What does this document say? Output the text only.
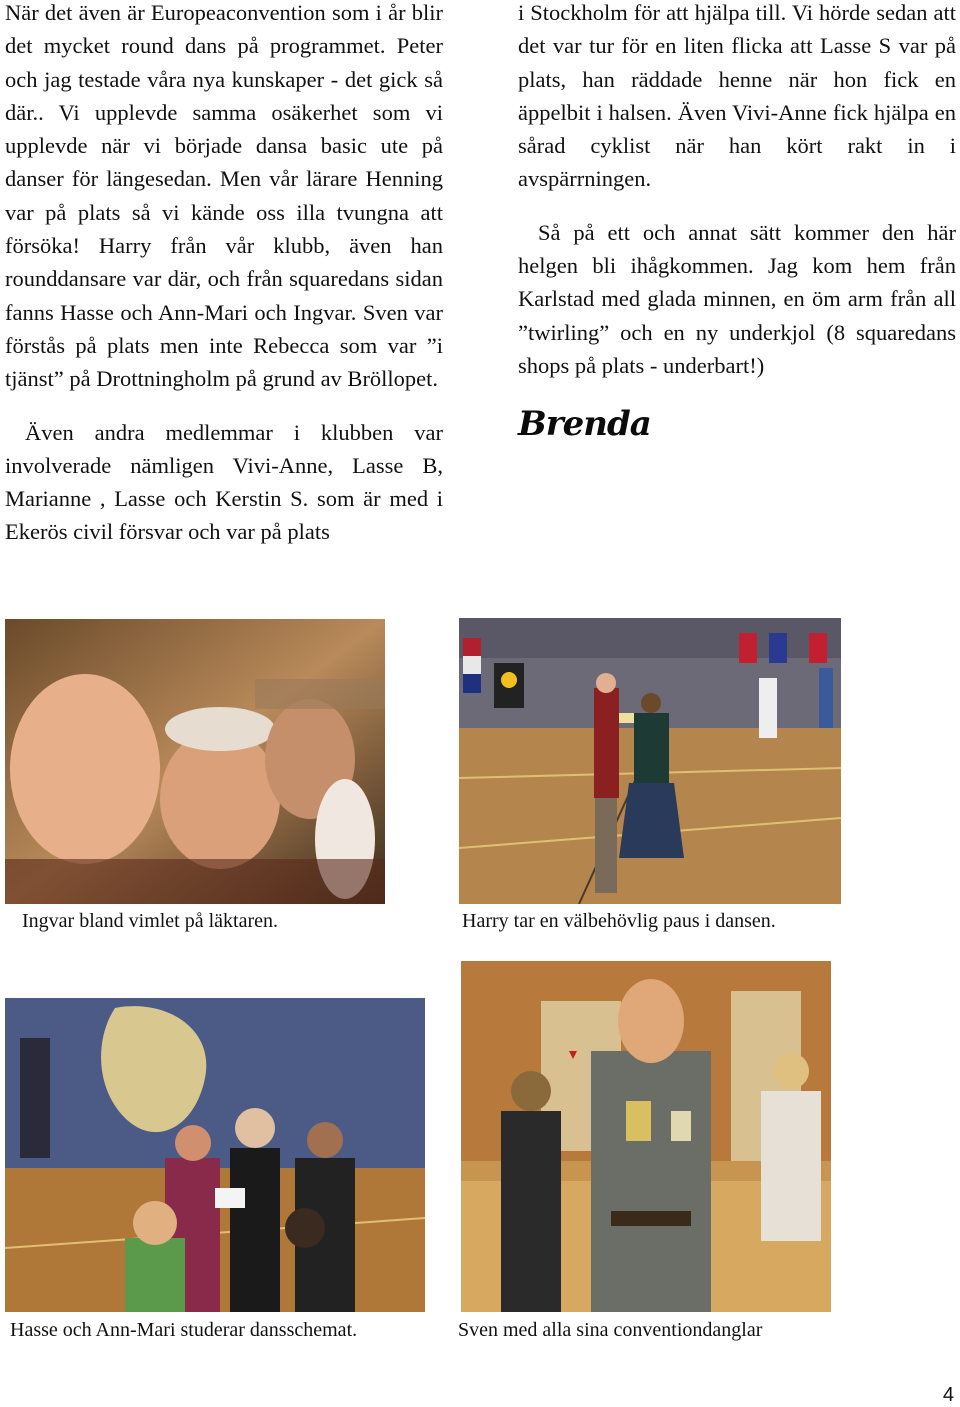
När det även är Europeaconvention som i år blir det mycket round dans på programmet. Peter och jag testade våra nya kunskaper - det gick så där.. Vi upplevde samma osäkerhet som vi upplevde när vi började dansa basic ute på danser för längesedan. Men vår lärare Henning var på plats så vi kände oss illa tvungna att försöka! Harry från vår klubb, även han rounddansare var där, och från squaredans sidan fanns Hasse och Ann-Mari och Ingvar. Sven var förstås på plats men inte Rebecca som var ”i tjänst” på Drottningholm på grund av Bröllopet.

Även andra medlemmar i klubben var involverade nämligen Vivi-Anne, Lasse B, Marianne , Lasse och Kerstin S. som är med i Ekerös civil försvar och var på plats

i Stockholm för att hjälpa till. Vi hörde sedan att det var tur för en liten flicka att Lasse S var på plats, han räddade henne när hon fick en äppelbit i halsen. Även Vivi-Anne fick hjälpa en sårad cyklist när han kört rakt in i avspärrningen.

Så på ett och annat sätt kommer den här helgen bli ihågkommen. Jag kom hem från Karlstad med glada minnen, en öm arm från all ”twirling” och en ny underkjol (8 squaredans shops på plats - underbart!)

Brenda

Ingvar bland vimlet på läktaren.	Harry tar en välbehövlig paus i dansen.

Hasse och Ann-Mari studerar dansschemat.	Sven med alla sina conventiondanglar

4
